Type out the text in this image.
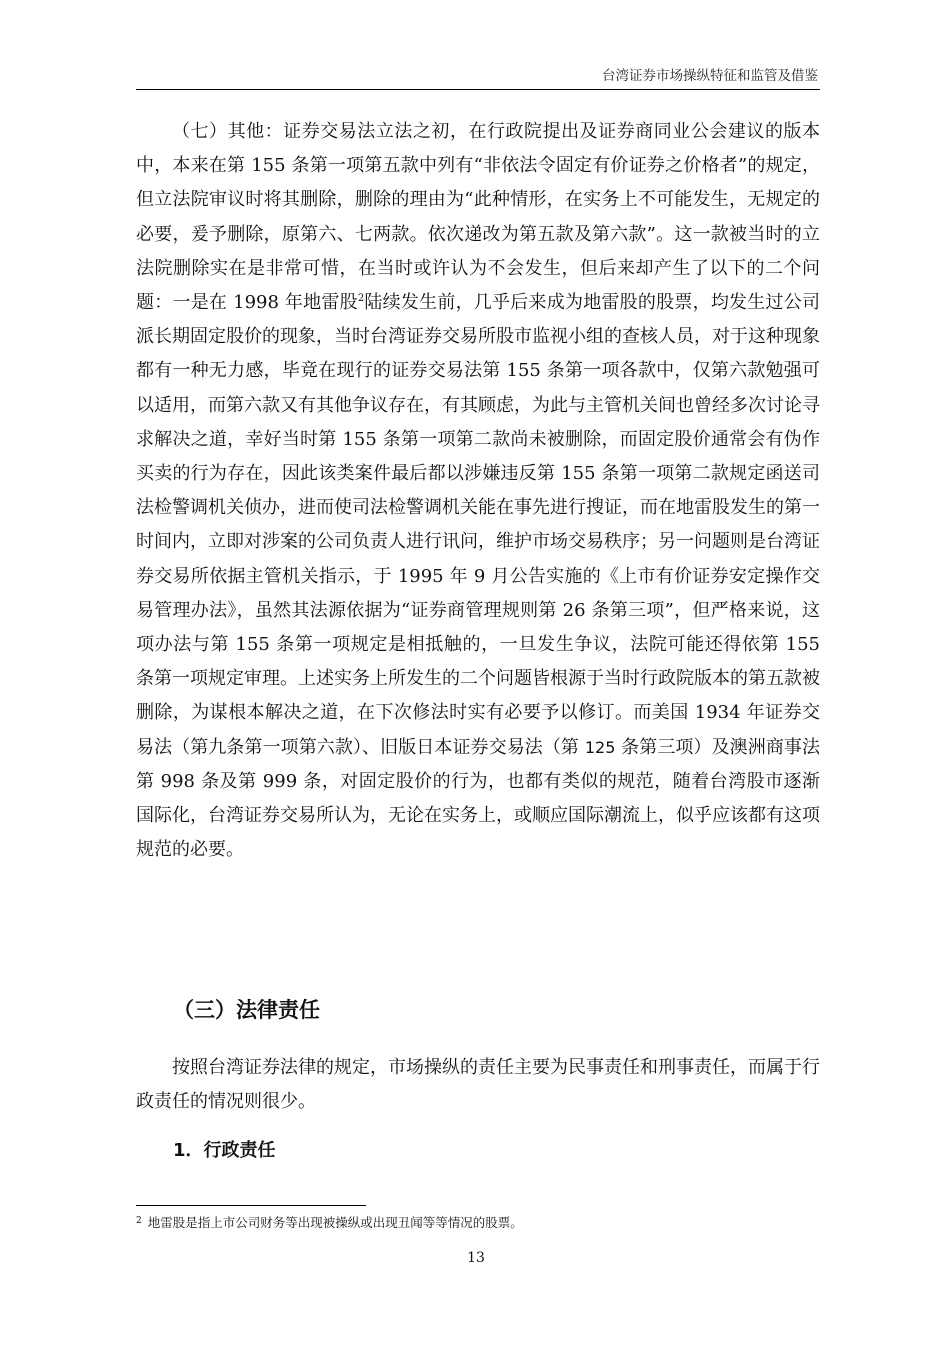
台湾证券市场操纵特征和监管及借鉴

（七）其他：证券交易法立法之初，在行政院提出及证券商同业公会建议的版本中，本来在第 155 条第一项第五款中列有“非依法令固定有价证券之价格者”的规定，但立法院审议时将其删除，删除的理由为“此种情形，在实务上不可能发生，无规定的必要，爰予删除，原第六、七两款。依次递改为第五款及第六款”。这一款被当时的立法院删除实在是非常可惜，在当时或许认为不会发生，但后来却产生了以下的二个问题：一是在 1998 年地雷股$^2$陆续发生前，几乎后来成为地雷股的股票，均发生过公司派长期固定股价的现象，当时台湾证券交易所股市监视小组的查核人员，对于这种现象都有一种无力感，毕竟在现行的证券交易法第 155 条第一项各款中，仅第六款勉强可以适用，而第六款又有其他争议存在，有其顾虑，为此与主管机关间也曾经多次讨论寻求解决之道，幸好当时第 155 条第一项第二款尚未被删除，而固定股价通常会有伪作买卖的行为存在，因此该类案件最后都以涉嫌违反第 155 条第一项第二款规定函送司法检警调机关侦办，进而使司法检警调机关能在事先进行搜证，而在地雷股发生的第一时间内，立即对涉案的公司负责人进行讯问，维护市场交易秩序；另一问题则是台湾证券交易所依据主管机关指示，于 1995 年 9 月公告实施的《上市有价证券安定操作交易管理办法》，虽然其法源依据为“证券商管理规则第 26 条第三项”，但严格来说，这项办法与第 155 条第一项规定是相抵触的，一旦发生争议，法院可能还得依第 155 条第一项规定审理。上述实务上所发生的二个问题皆根源于当时行政院版本的第五款被删除，为谋根本解决之道，在下次修法时实有必要予以修订。而美国 1934 年证券交易法（第九条第一项第六款）、旧版日本证券交易法（第 125 条第三项）及澳洲商事法第 998 条及第 999 条，对固定股价的行为，也都有类似的规范，随着台湾股市逐渐国际化，台湾证券交易所认为，无论在实务上，或顺应国际潮流上，似乎应该都有这项规范的必要。

（三）法律责任

按照台湾证券法律的规定，市场操纵的责任主要为民事责任和刑事责任，而属于行政责任的情况则很少。

1．行政责任

$^2$ 地雷股是指上市公司财务等出现被操纵或出现丑闻等等情况的股票。

13
